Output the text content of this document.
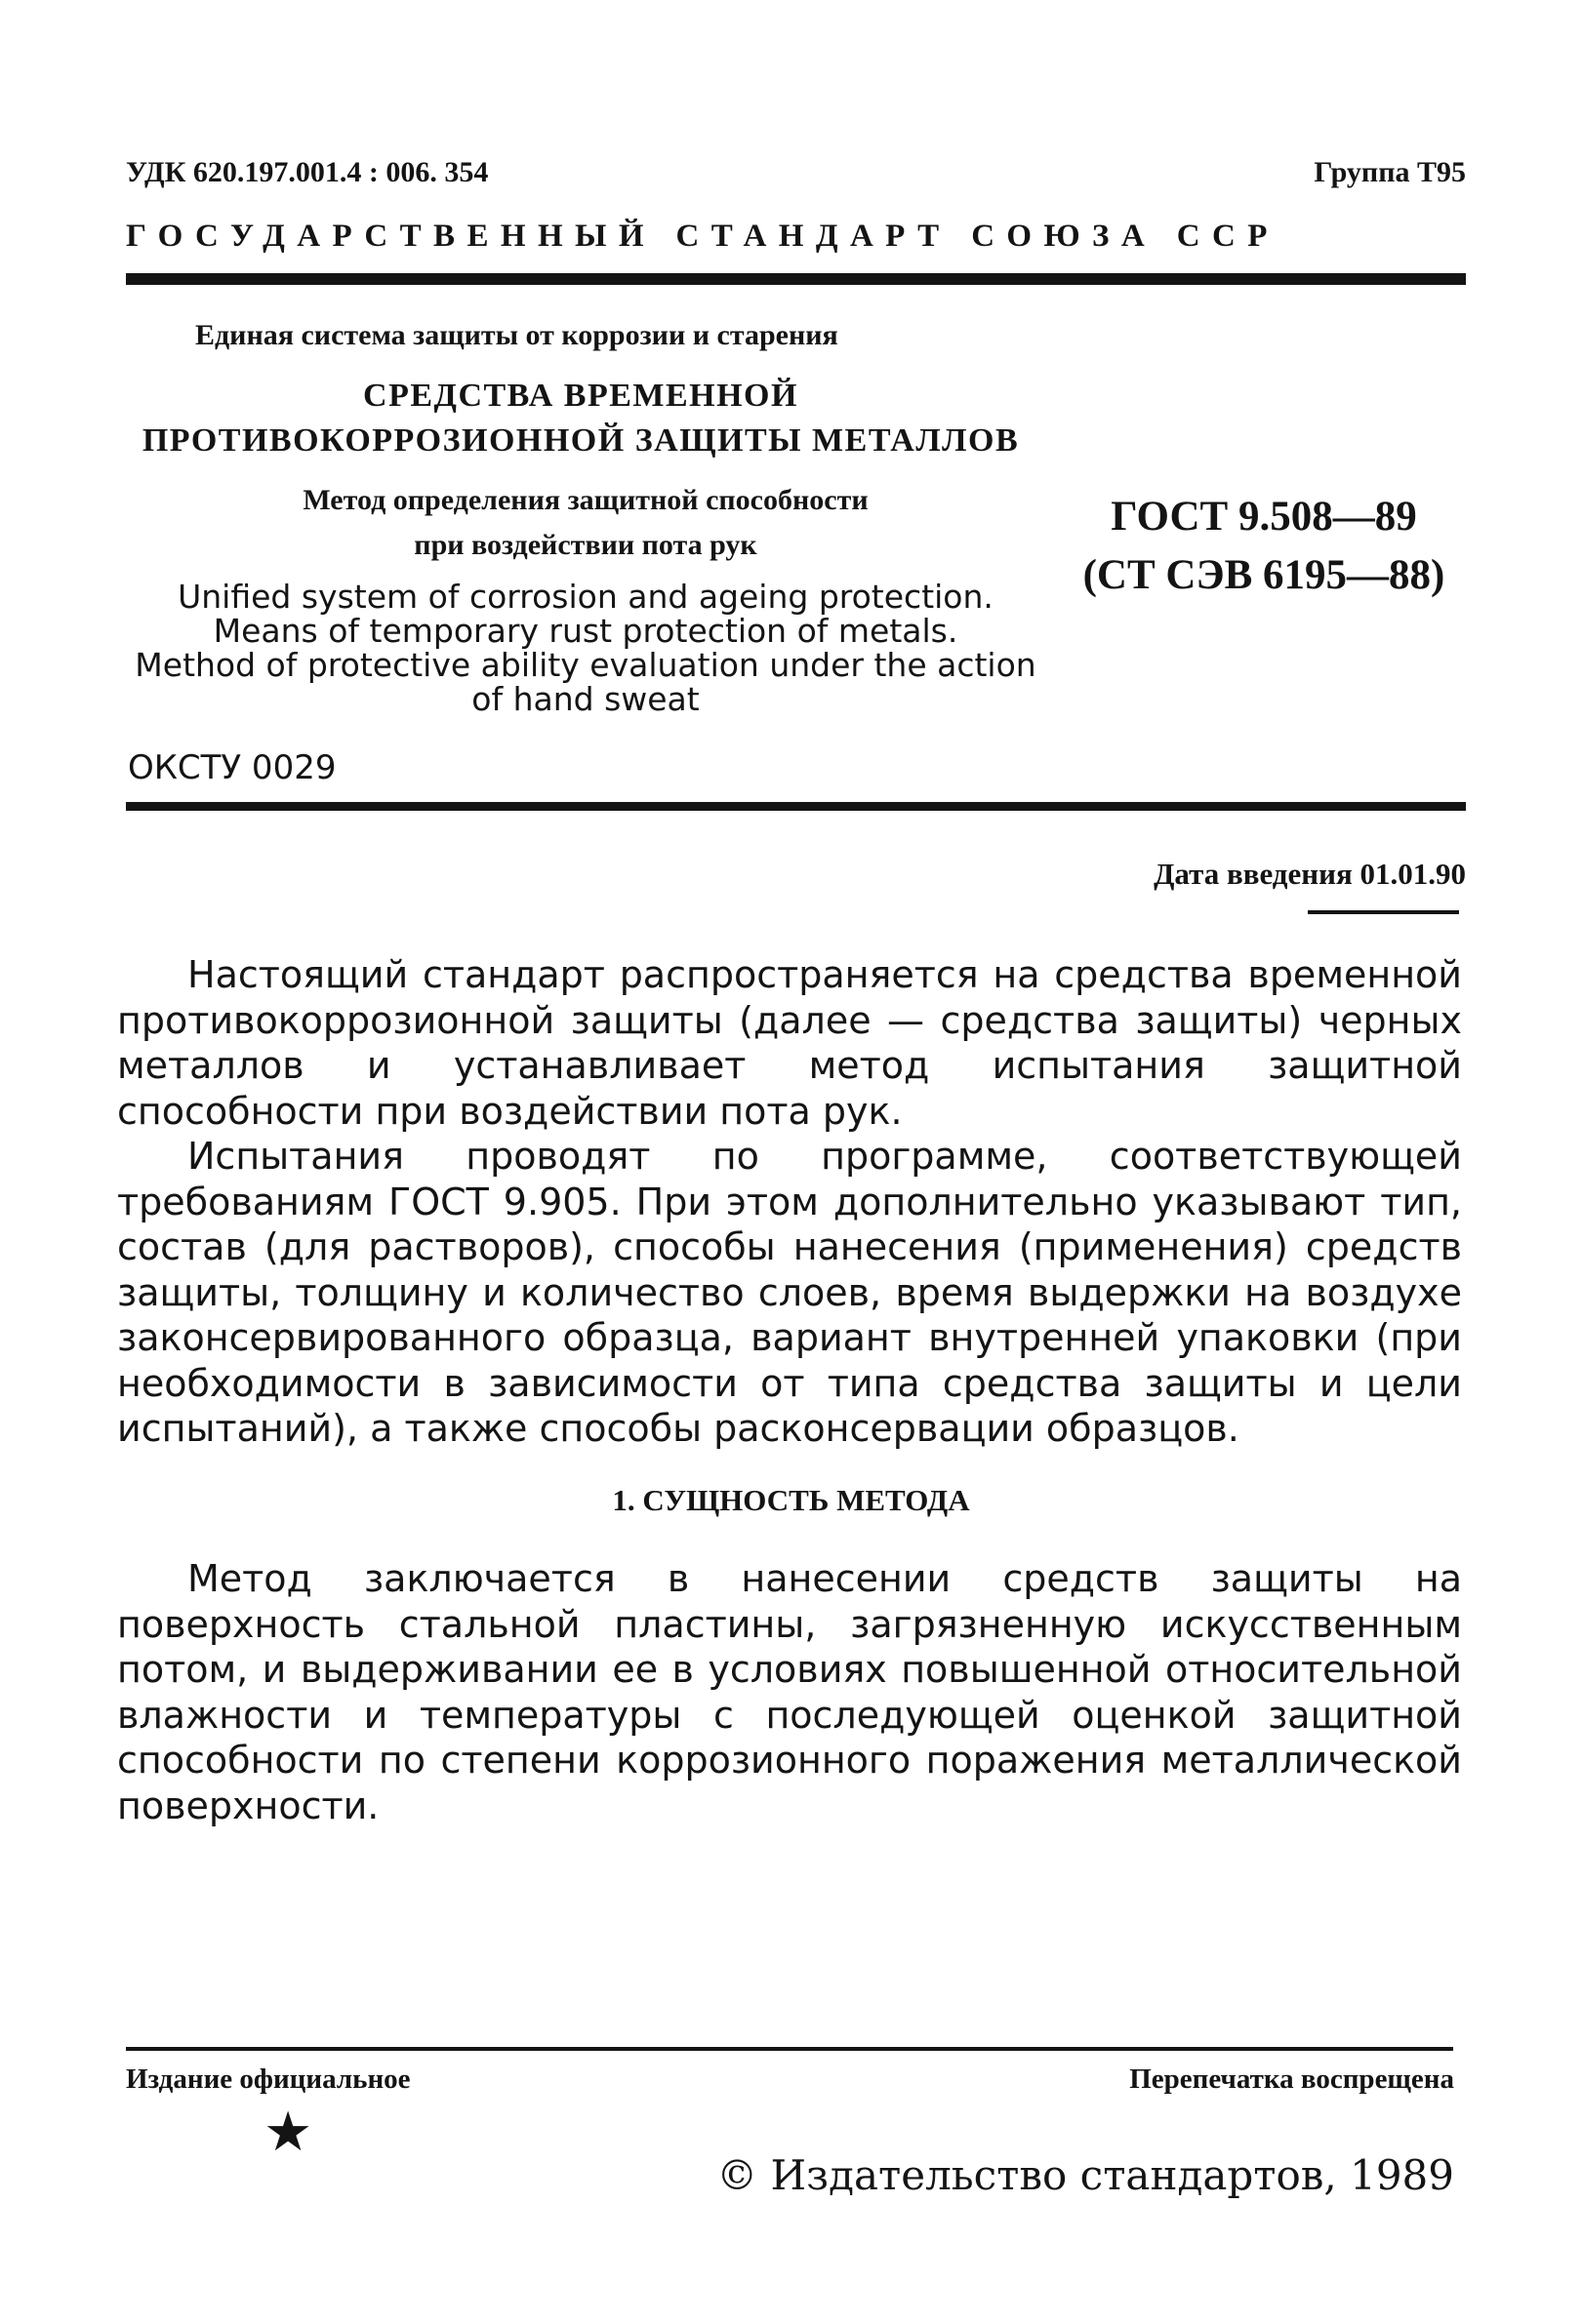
УДК 620.197.001.4 : 006. 354	Группа Т95
ГОСУДАРСТВЕННЫЙ СТАНДАРТ СОЮЗА ССР
Единая система защиты от коррозии и старения
СРЕДСТВА ВРЕМЕННОЙ
ПРОТИВОКОРРОЗИОННОЙ ЗАЩИТЫ МЕТАЛЛОВ
Метод определения защитной способности
при воздействии пота рук
Unified system of corrosion and ageing protection.
Means of temporary rust protection of metals.
Method of protective ability evaluation under the action
of hand sweat
ГОСТ 9.508—89
(СТ СЭВ 6195—88)
ОКСТУ 0029
Дата введения 01.01.90
Настоящий стандарт распространяется на средства временной противокоррозионной защиты (далее — средства защиты) черных металлов и устанавливает метод испытания защитной способности при воздействии пота рук.
Испытания проводят по программе, соответствующей требованиям ГОСТ 9.905. При этом дополнительно указывают тип, состав (для растворов), способы нанесения (применения) средств защиты, толщину и количество слоев, время выдержки на воздухе законсервированного образца, вариант внутренней упаковки (при необходимости в зависимости от типа средства защиты и цели испытаний), а также способы расконсервации образцов.
1. СУЩНОСТЬ МЕТОДА
Метод заключается в нанесении средств защиты на поверхность стальной пластины, загрязненную искусственным потом, и выдерживании ее в условиях повышенной относительной влажности и температуры с последующей оценкой защитной способности по степени коррозионного поражения металлической поверхности.
Издание официальное	Перепечатка воспрещена
★
© Издательство стандартов, 1989
